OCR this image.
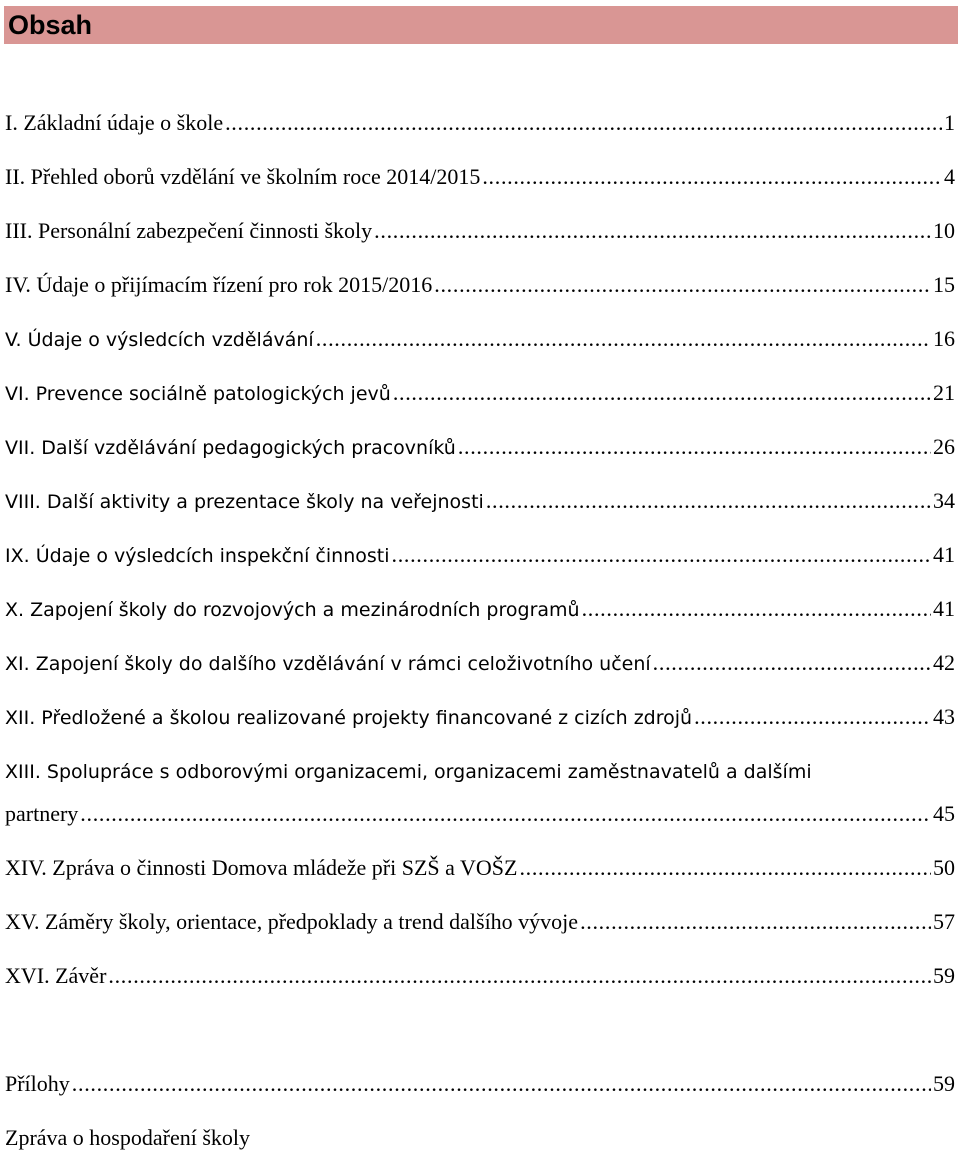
Obsah
I. Základní údaje o škole . . .	1
II. Přehled oborů vzdělání ve školním roce 2014/2015 . . .	4
III. Personální zabezpečení činnosti školy . . .	10
IV. Údaje o přijímacím řízení pro rok 2015/2016 . . .	15
V. Údaje o výsledcích vzdělávání . . .	16
VI. Prevence sociálně patologických jevů . . .	21
VII. Další vzdělávání pedagogických pracovníků . . .	26
VIII. Další aktivity a prezentace školy na veřejnosti . . .	34
IX. Údaje o výsledcích inspekční činnosti . . .	41
X. Zapojení školy do rozvojových a mezinárodních programů . . .	41
XI. Zapojení školy do dalšího vzdělávání v rámci celoživotního učení . . .	42
XII. Předložené a školou realizované projekty financované z cizích zdrojů . . .	43
XIII. Spolupráce s odborovými organizacemi, organizacemi zaměstnavatelů a dalšími
partnery . . .	45
XIV. Zpráva o činnosti Domova mládeže při SZŠ a VOŠZ . . .	50
XV. Záměry školy, orientace, předpoklady a trend dalšího vývoje . . .	57
XVI. Závěr . . .	59
Přílohy . . .	59
Zpráva o hospodaření školy
